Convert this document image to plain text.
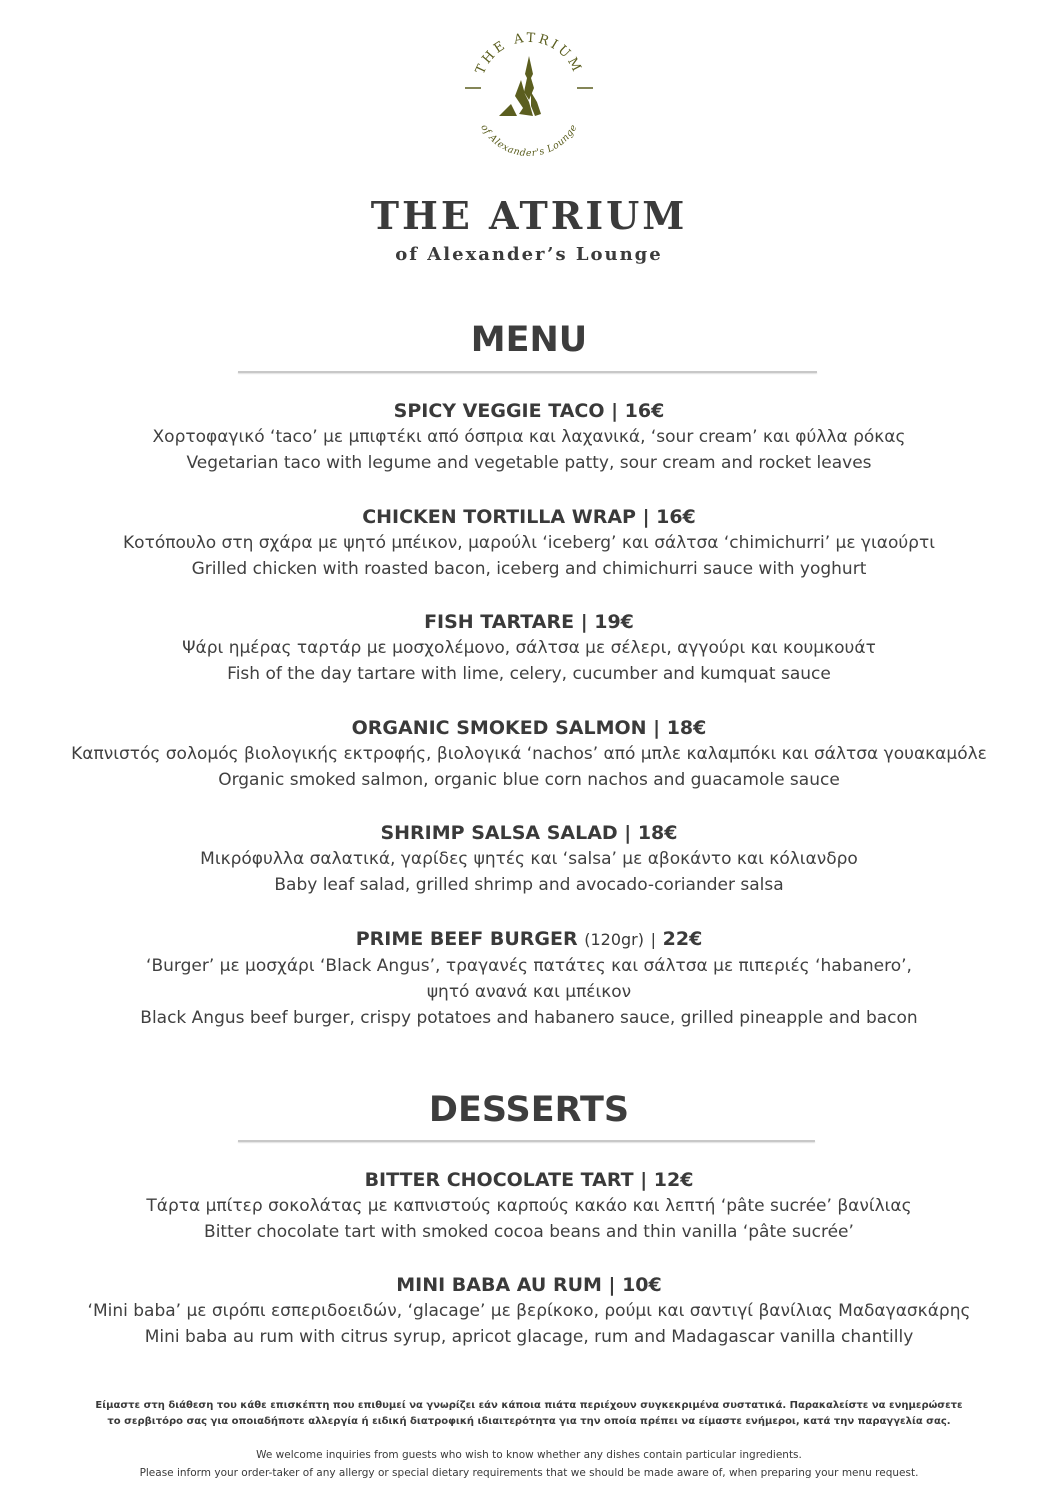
THE ATRIUM
of Alexander's Lounge
THE ATRIUM
of Alexander’s Lounge
MENU
SPICY VEGGIE TACO | 16€
Χορτοφαγικό ‘taco’ με μπιφτέκι από όσπρια και λαχανικά, ‘sour cream’ και φύλλα ρόκας
Vegetarian taco with legume and vegetable patty, sour cream and rocket leaves
CHICKEN TORTILLA WRAP | 16€
Κοτόπουλο στη σχάρα με ψητό μπέικον, μαρούλι ‘iceberg’ και σάλτσα ‘chimichurri’ με γιαούρτι
Grilled chicken with roasted bacon, iceberg and chimichurri sauce with yoghurt
FISH TARTARE | 19€
Ψάρι ημέρας ταρτάρ με μοσχολέμονο, σάλτσα με σέλερι, αγγούρι και κουμκουάτ
Fish of the day tartare with lime, celery, cucumber and kumquat sauce
ORGANIC SMOKED SALMON | 18€
Καπνιστός σολομός βιολογικής εκτροφής, βιολογικά ‘nachos’ από μπλε καλαμπόκι και σάλτσα γουακαμόλε
Organic smoked salmon, organic blue corn nachos and guacamole sauce
SHRIMP SALSA SALAD | 18€
Μικρόφυλλα σαλατικά, γαρίδες ψητές και ‘salsa’ με αβοκάντο και κόλιανδρο
Baby leaf salad, grilled shrimp and avocado-coriander salsa
PRIME BEEF BURGER (120gr) | 22€
‘Burger’ με μοσχάρι ‘Black Angus’, τραγανές πατάτες και σάλτσα με πιπεριές ‘habanero’,
ψητό ανανά και μπέικον
Black Angus beef burger, crispy potatoes and habanero sauce, grilled pineapple and bacon
DESSERTS
BITTER CHOCOLATE TART | 12€
Τάρτα μπίτερ σοκολάτας με καπνιστούς καρπούς κακάο και λεπτή ‘pâte sucrée’ βανίλιας
Bitter chocolate tart with smoked cocoa beans and thin vanilla ‘pâte sucrée’
MINI BABA AU RUM | 10€
‘Mini baba’ με σιρόπι εσπεριδοειδών, ‘glacage’ με βερίκοκο, ρούμι και σαντιγί βανίλιας Μαδαγασκάρης
Mini baba au rum with citrus syrup, apricot glacage, rum and Madagascar vanilla chantilly
Είμαστε στη διάθεση του κάθε επισκέπτη που επιθυμεί να γνωρίζει εάν κάποια πιάτα περιέχουν συγκεκριμένα συστατικά. Παρακαλείστε να ενημερώσετε
το σερβιτόρο σας για οποιαδήποτε αλλεργία ή ειδική διατροφική ιδιαιτερότητα για την οποία πρέπει να είμαστε ενήμεροι, κατά την παραγγελία σας.
We welcome inquiries from guests who wish to know whether any dishes contain particular ingredients.
Please inform your order-taker of any allergy or special dietary requirements that we should be made aware of, when preparing your menu request.
